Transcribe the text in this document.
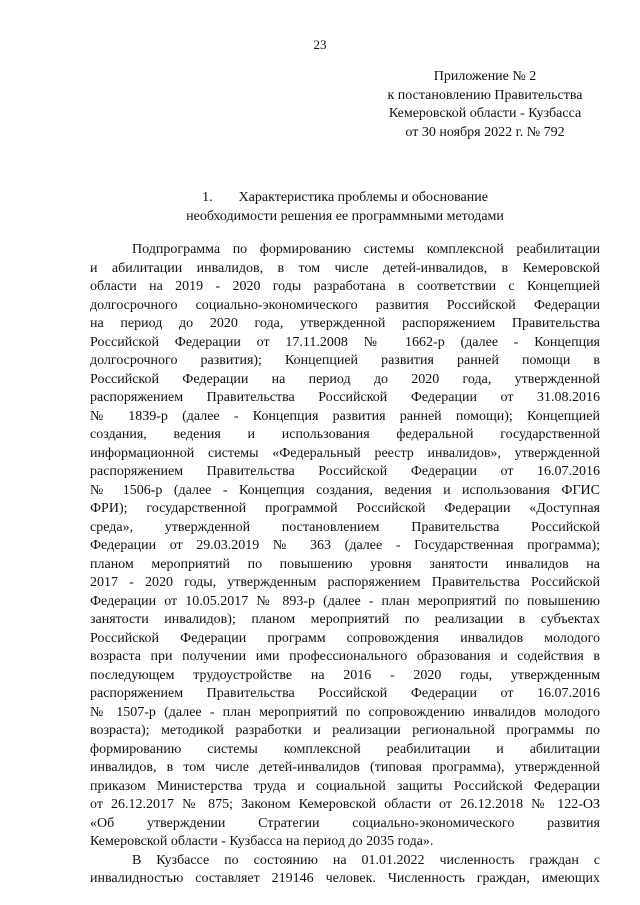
23
Приложение № 2
к постановлению Правительства
Кемеровской области - Кузбасса
от 30 ноября 2022 г. № 792
1. Характеристика проблемы и обоснование
необходимости решения ее программными методами
Подпрограмма по формированию системы комплексной реабилитации
и абилитации инвалидов, в том числе детей-инвалидов, в Кемеровской
области на 2019 - 2020 годы разработана в соответствии с Концепцией
долгосрочного социально-экономического развития Российской Федерации
на период до 2020 года, утвержденной распоряжением Правительства
Российской Федерации от 17.11.2008 № 1662-р (далее - Концепция
долгосрочного развития); Концепцией развития ранней помощи в
Российской Федерации на период до 2020 года, утвержденной
распоряжением Правительства Российской Федерации от 31.08.2016
№ 1839-р (далее - Концепция развития ранней помощи); Концепцией
создания, ведения и использования федеральной государственной
информационной системы «Федеральный реестр инвалидов», утвержденной
распоряжением Правительства Российской Федерации от 16.07.2016
№ 1506-р (далее - Концепция создания, ведения и использования ФГИС
ФРИ); государственной программой Российской Федерации «Доступная
среда», утвержденной постановлением Правительства Российской
Федерации от 29.03.2019 № 363 (далее - Государственная программа);
планом мероприятий по повышению уровня занятости инвалидов на
2017 - 2020 годы, утвержденным распоряжением Правительства Российской
Федерации от 10.05.2017 № 893-р (далее - план мероприятий по повышению
занятости инвалидов); планом мероприятий по реализации в субъектах
Российской Федерации программ сопровождения инвалидов молодого
возраста при получении ими профессионального образования и содействия в
последующем трудоустройстве на 2016 - 2020 годы, утвержденным
распоряжением Правительства Российской Федерации от 16.07.2016
№ 1507-р (далее - план мероприятий по сопровождению инвалидов молодого
возраста); методикой разработки и реализации региональной программы по
формированию системы комплексной реабилитации и абилитации
инвалидов, в том числе детей-инвалидов (типовая программа), утвержденной
приказом Министерства труда и социальной защиты Российской Федерации
от 26.12.2017 № 875; Законом Кемеровской области от 26.12.2018 № 122-ОЗ
«Об утверждении Стратегии социально-экономического развития
Кемеровской области - Кузбасса на период до 2035 года».
В Кузбассе по состоянию на 01.01.2022 численность граждан с
инвалидностью составляет 219146 человек. Численность граждан, имеющих
